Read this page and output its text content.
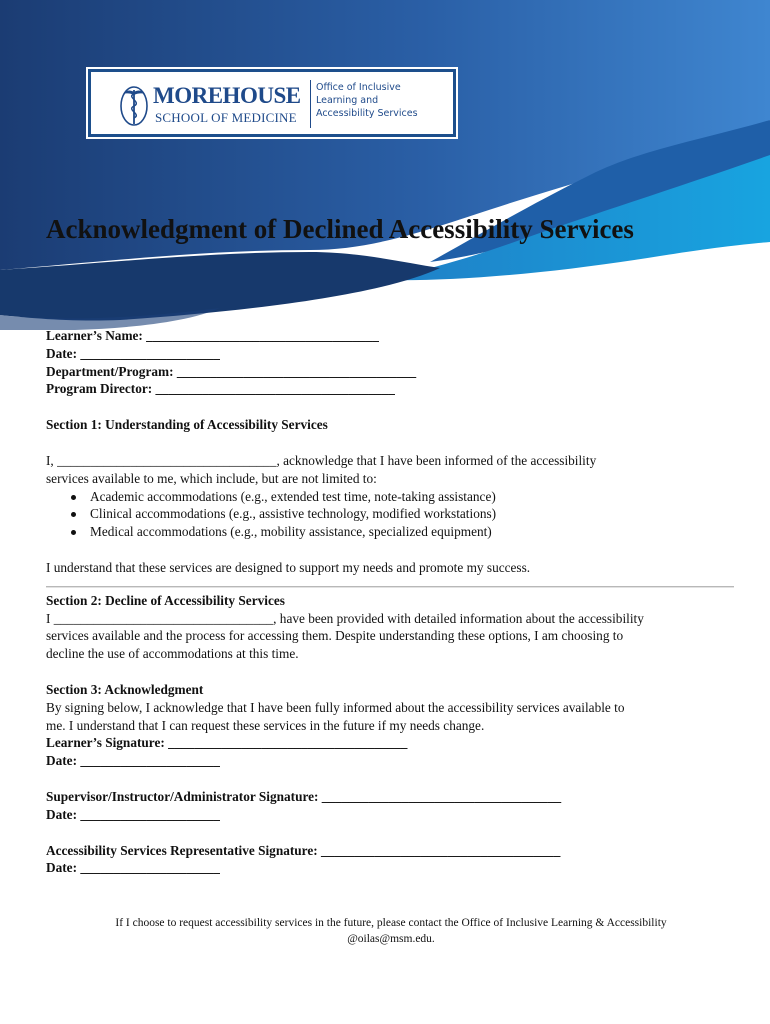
MOREHOUSE
SCHOOL OF MEDICINE
Office of Inclusive
Learning and
Accessibility Services
Acknowledgment of Declined Accessibility Services
Learner’s Name: ___________________________________
Date: _____________________
Department/Program: ____________________________________
Program Director: ____________________________________
Section 1: Understanding of Accessibility Services
I, _________________________________, acknowledge that I have been informed of the accessibility
services available to me, which include, but are not limited to:
Academic accommodations (e.g., extended test time, note-taking assistance)
Clinical accommodations (e.g., assistive technology, modified workstations)
Medical accommodations (e.g., mobility assistance, specialized equipment)
I understand that these services are designed to support my needs and promote my success.
Section 2: Decline of Accessibility Services
I _________________________________, have been provided with detailed information about the accessibility
services available and the process for accessing them. Despite understanding these options, I am choosing to
decline the use of accommodations at this time.
Section 3: Acknowledgment
By signing below, I acknowledge that I have been fully informed about the accessibility services available to
me. I understand that I can request these services in the future if my needs change.
Learner’s Signature: ____________________________________
Date: _____________________
Supervisor/Instructor/Administrator Signature: ____________________________________
Date: _____________________
Accessibility Services Representative Signature: ____________________________________
Date: _____________________
If I choose to request accessibility services in the future, please contact the Office of Inclusive Learning & Accessibility
@oilas@msm.edu.
